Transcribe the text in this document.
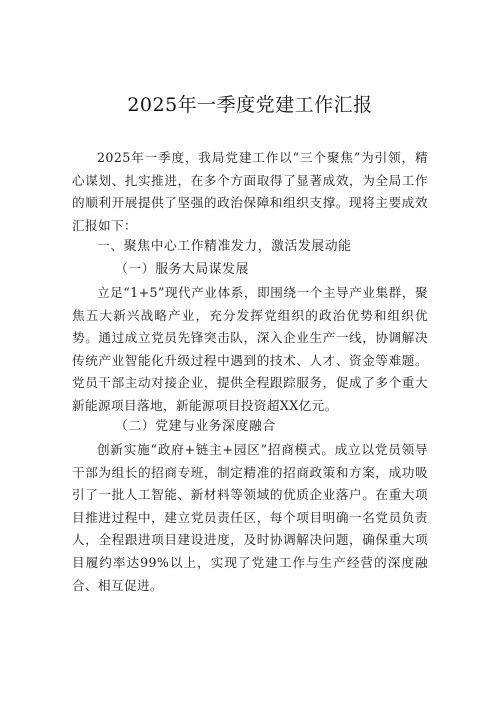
2025年一季度党建工作汇报

2025年一季度，我局党建工作以“三个聚焦”为引领，精心谋划、扎实推进，在多个方面取得了显著成效，为全局工作的顺利开展提供了坚强的政治保障和组织支撑。现将主要成效汇报如下：

一、聚焦中心工作精准发力，激活发展动能

（一）服务大局谋发展

立足“1+5”现代产业体系，即围绕一个主导产业集群，聚焦五大新兴战略产业，充分发挥党组织的政治优势和组织优势。通过成立党员先锋突击队，深入企业生产一线，协调解决传统产业智能化升级过程中遇到的技术、人才、资金等难题。党员干部主动对接企业，提供全程跟踪服务，促成了多个重大新能源项目落地，新能源项目投资超XX亿元。

（二）党建与业务深度融合

创新实施“政府+链主+园区”招商模式。成立以党员领导干部为组长的招商专班，制定精准的招商政策和方案，成功吸引了一批人工智能、新材料等领域的优质企业落户。在重大项目推进过程中，建立党员责任区，每个项目明确一名党员负责人，全程跟进项目建设进度，及时协调解决问题，确保重大项目履约率达99%以上，实现了党建工作与生产经营的深度融合、相互促进。
